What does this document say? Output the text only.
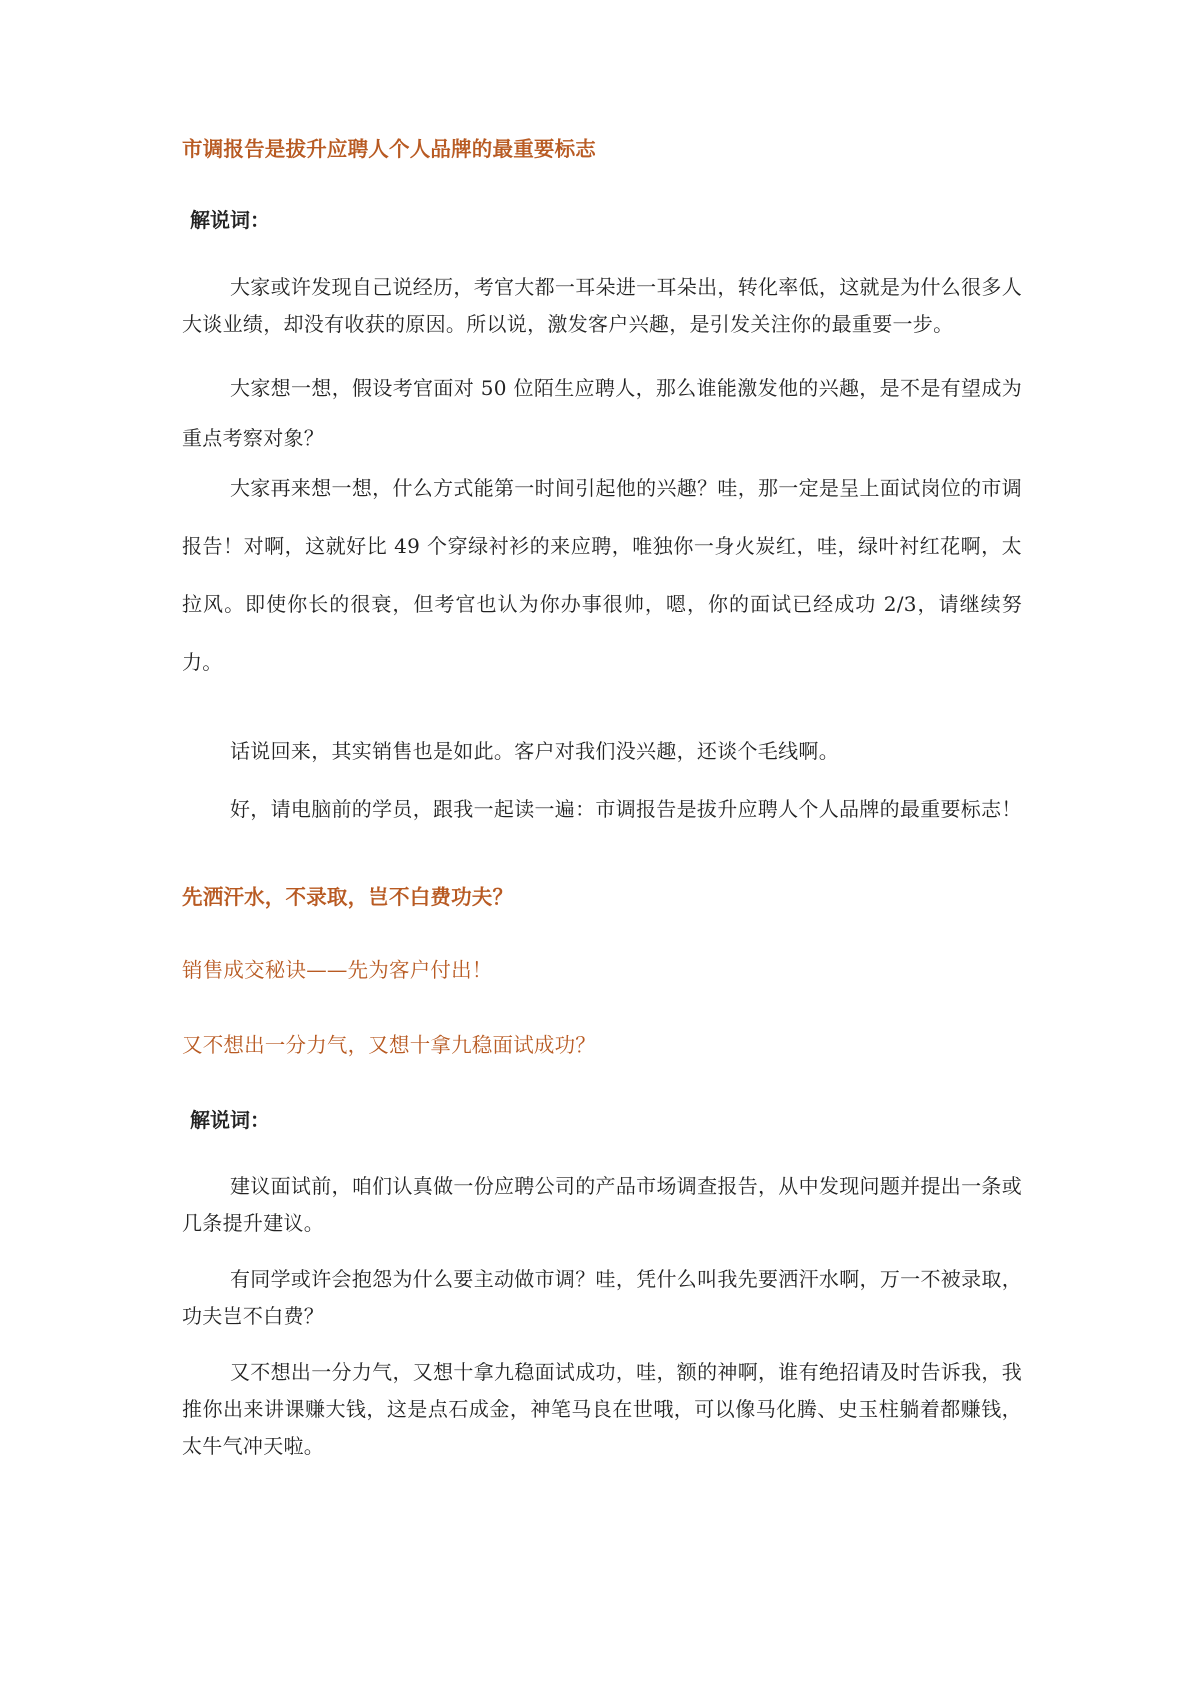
市调报告是拔升应聘人个人品牌的最重要标志
解说词：

大家或许发现自己说经历，考官大都一耳朵进一耳朵出，转化率低，这就是为什么很多人大谈业绩，却没有收获的原因。所以说，激发客户兴趣，是引发关注你的最重要一步。

大家想一想，假设考官面对 50 位陌生应聘人，那么谁能激发他的兴趣，是不是有望成为重点考察对象？

大家再来想一想，什么方式能第一时间引起他的兴趣？哇，那一定是呈上面试岗位的市调报告！对啊，这就好比 49 个穿绿衬衫的来应聘，唯独你一身火炭红，哇，绿叶衬红花啊，太拉风。即使你长的很衰，但考官也认为你办事很帅，嗯，你的面试已经成功 2/3，请继续努力。

话说回来，其实销售也是如此。客户对我们没兴趣，还谈个毛线啊。

好，请电脑前的学员，跟我一起读一遍：市调报告是拔升应聘人个人品牌的最重要标志！

先洒汗水，不录取，岂不白费功夫？
销售成交秘诀——先为客户付出！
又不想出一分力气，又想十拿九稳面试成功？
解说词：

建议面试前，咱们认真做一份应聘公司的产品市场调查报告，从中发现问题并提出一条或几条提升建议。

有同学或许会抱怨为什么要主动做市调？哇，凭什么叫我先要洒汗水啊，万一不被录取，功夫岂不白费？

又不想出一分力气，又想十拿九稳面试成功，哇，额的神啊，谁有绝招请及时告诉我，我推你出来讲课赚大钱，这是点石成金，神笔马良在世哦，可以像马化腾、史玉柱躺着都赚钱，太牛气冲天啦。
